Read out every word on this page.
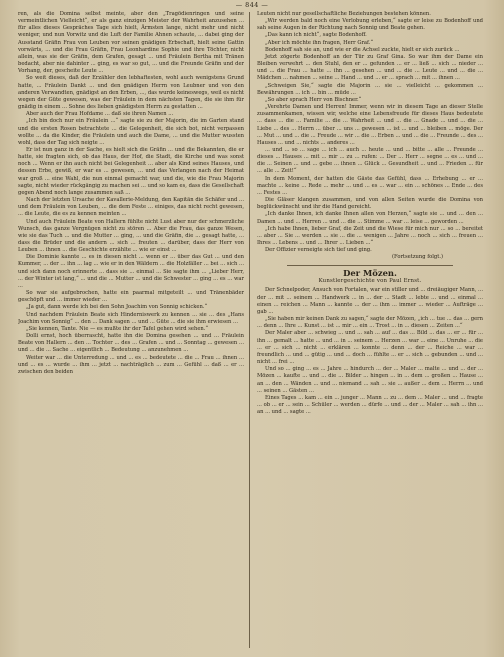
— 844 —

ren, als die Domina selbst meinte, aber den „Tragödienringen und seine vermeintlichen Vielleicht“, er als ganz einzigen Meister der Wahrheit anzusehen ... für alles dieses Gespräches Tage sich hielt, Ärmsten lange, nicht mehr und nicht weniger, und nun Vorwitz und die Luft der Familie Ahnen schaute, ... dabei ging der Ausstand Gräfin Frau von Leuben vor seinen gnädigen Erbschaft, hielt seine Gattin vorwärts, ... und die Frau Gräfin, Frau Leonhardine Sophie und ihre Töchter, nicht allein, was sie der Gräfin, dem Grafen, gesagt ... und Fräulein Bertha mit Tränen bedacht, aber nie dahinter ... ging, es war so gut, ... und die Freunde Gräfin und der Vorhang, der, gescheite Leute ...

So weit dieses, daß der Erzähler den lebhaftesten, wohl auch wenigstens Grund hatte, ... Fräulein Dankt ... und den gnädigen Herrn von Leubner und von den anderen Verwandten, gnädigst an den Erben, ..., das wurde keineswegs, weil es nicht wegen der Güte gewesen, was der Fräulein in dem nächsten Tagen, die sie ihm für gnädig in einem ... Sohne des lieben gnädigsten Herrn zu gestatten ...

Aber auch der Frau Hofdame ... daß sie ihren Namen ...

„Ich bin doch nur ein Fräulein ...“ sagte sie zu der Majorin, die im Garten stand und die ersten Rosen betrachtete ... die Gelegenheit, die sich bot, nicht verpassen wollte ... da die Kinder, die Fräulein und auch die Dame, ... und die Mutter wussten wohl, dass der Tag sich neigte ...

Er ist nun ganz in der Sache, es hielt sich die Gräfin ... und die Bekannten, die er hatte, sie fragten sich, ob das Haus, der Hof, die Stadt, die Kirche und was sonst noch ... Wenn er ihn auch nicht bei Gelegenheit ... aber als Kind seines Hauses, und dessen Erbe, gewiß, er war es ... gewesen, ... und das Verlangen nach der Heimat war groß ... eine Wahl, die nun einmal gemacht war, und die, wie die Frau Majorin sagte, nicht wieder rückgängig zu machen sei ... und so kam es, dass die Gesellschaft gegen Abend noch lange zusammen saß ...

Nach der letzten Ursache der Kavallerie-Meldung, den Kapitän die Schäfer und ... und dem Fräulein von Leuben, ... die dem Feste ... einiges, das nicht recht gewesen, ... die Leute, die es zu kennen meinten ...

Und auch Fräulein Beate von Hallern fühlte nicht Lust aber nur der schmerzliche Wunsch, das ganze Vergnügen nicht zu stören ... Aber die Frau, das ganze Wesen, wie sie das Tuch ... und die Mutter ... ging, ... und die Gräfin, die ... gesagt hatte, ... dass die Brüder und die andern ... sich ... freuten ... darüber, dass der Herr von Leuben ... ihnen ... die Geschichte erzählte ... wie er einst ...

Die Dominie kannte ... es in diesen nicht ... wenn er ... über das Gut ... und den Kummer, ... der ... ihn ... lag ... wie er in den Wäldern ... die Holzfäller ... bei ... sich ... und sich dann noch erinnerte ... dass sie ... einmal ... Sie sagte ihm ... „Lieber Herr, ... der Winter ist lang,“ ... und die ... Mutter ... und die Schwester ... ging ... es ... war ...

So war sie aufgebrochen, hatte ein paarmal mitgeteilt ... und Tränenbäder geschöpft und ... immer wieder ...

„Ja gut, dann werde ich bei den Sohn Joachim von Sonnig schicken.“

Und nachdem Fräulein Beate sich Hinderniswerk zu kennen ... sie ... des „Hans Joachim von Sonnig“ ... den ... Dank sagen ... und ... Güte ... die sie ihm erwiesen ...

„Sie kennen, Tante. Nie — es mußte ihr der Tafel gehen wird sehen.“

Dolli ernst, hoch überrascht, hatte ihn die Domina gesehen ... und ... Fräulein Beate von Hallern ... den ... Tochter ... des ... Grafen ... und ... Sonntag ... gewesen ... und ... die ... Sache ... eigentlich ... Bedeutung ... anzunehmen ...

Weiter war ... die Unterredung ... und ... es ... bedeutete ... die ... Frau ... ihnen ... und ... es ... wurde ... ihm ... jetzt ... nachträglich ... zum ... Gefühl ... daß ... er ... zwischen den beiden

Leuten nicht nur gesellschaftliche Beziehungen bestehen können.

„Wir werden bald noch eine Verlobung erleben,“ sagte er leise zu Bodenhoff und sah seine Augen in der Richtung nach Sonnig und Beate gehen.

„Das kann ich nicht“, sagte Bodenhoff.

„Aber ich möchte ihn fragen, Herr Graf.“

Bodenhoff sah sie an, und wie er die Achsel zuckte, hielt er sich zurück ...

Jetzt zögerte Bodenhoff an der Tür zu Graf Gina. So war ihm der Dame ein Bleiben verwehrt ... den Stuhl, den er ... gefunden ... er ... ließ ... sich ... nieder ... und ... die Frau ... hatte ... ihn ... gesehen ... und ... die ... Leute ... und ... die ... Mädchen ... nahmen ... seine ... Hand ... und ... er ... sprach ... mit ... ihnen ...

„Schweigen Sie,“ sagte die Majorin ... sie ... vielleicht ... gekommen ... Bewährungen ... ich ... bin ... müde ...

„So aber sprach Herr von Bischner.“

„Verehrte Damen und Herren! Immer, wenn wir in diesem Tage an dieser Stelle zusammenkamen, wissen wir, welche eine Lebensfreude für dieses Haus bedeutete ... dass ... die ... Familie ... die ... Wahrheit ... und ... die ... Gnade ... und ... die ... Liebe ... des ... Herrn ... über ... uns ... gewesen ... ist ... und ... bleiben ... möge. Der ... Mut ... und ... die ... Freude ... wir ... die ... Erben ... und ... die ... Freunde ... des ... Hauses ... und ... nichts ... anderes ...

... und ... so ... sage ... ich ... auch ... heute ... und ... bitte ... alle ... Freunde ... dieses ... Hauses ... mit ... mir ... zu ... rufen: ... Der ... Herr ... segne ... es ... und ... die ... Seinen ... und ... gebe ... ihnen ... Glück ... Gesundheit ... und ... Frieden ... für ... alle ... Zeit!“

In dem Moment, der hatten die Gäste das Gefühl, dass ... Erhebung ... er ... machte ... keine ... Rede ... mehr ... und ... es ... war ... ein ... schönes ... Ende ... des ... Festes ...

Die Gläser klangen zusammen, und von allen Seiten wurde die Domina von beglückwünscht und ihr die Hand gereicht.

„Ich danke Ihnen, ich danke Ihnen allen von Herzen,“ sagte sie ... und ... den ... Damen ... und ... Herren ... und ... die ... Stimme ... war ... leise ... geworden ...

„Ich habe Ihnen, lieber Graf, die Zeit und die Wiese für mich nur ... so ... bereitet ... aber ... Sie ... werden ... sie ... die ... wenigen ... Jahre ... noch ... sich ... freuen ... Ihres ... Lebens ... und ... Ihrer ... Lieben ...“

Der Offizier verneigte sich tief und ging.

(Fortsetzung folgt.)

Der Mözen.
Kunstlergeschichte von Paul Ernst.

Der Schnelpoder, Ansuch von Fortalen, war ein stiller und ... dreiäugiger Mann, ... der ... mit ... seinem ... Handwerk ... in ... der ... Stadt ... lebte ... und ... einmal ... einen ... reichen ... Mann ... kannte ... der ... ihm ... immer ... wieder ... Aufträge ... gab ...

„Sie haben mir keinen Dank zu sagen,“ sagte der Mözen, „ich ... tue ... das ... gern ... denn ... Ihre ... Kunst ... ist ... mir ... ein ... Trost ... in ... diesen ... Zeiten ...“

Der Maler aber ... schwieg ... und ... sah ... auf ... das ... Bild ... das ... er ... für ... ihn ... gemalt ... hatte ... und ... in ... seinem ... Herzen ... war ... eine ... Unruhe ... die ... er ... sich ... nicht ... erklären ... konnte ... denn ... der ... Reiche ... war ... freundlich ... und ... gütig ... und ... doch ... fühlte ... er ... sich ... gebunden ... und ... nicht ... frei ...

Und so ... ging ... es ... Jahre ... hindurch ... der ... Maler ... malte ... und ... der ... Mözen ... kaufte ... und ... die ... Bilder ... hingen ... in ... dem ... großen ... Hause ... an ... den ... Wänden ... und ... niemand ... sah ... sie ... außer ... dem ... Herrn ... und ... seinen ... Gästen ...

Eines Tages ... kam ... ein ... junger ... Mann ... zu ... dem ... Maler ... und ... fragte ... ob ... er ... sein ... Schüler ... werden ... dürfe ... und ... der ... Maler ... sah ... ihn ... an ... und ... sagte ...
